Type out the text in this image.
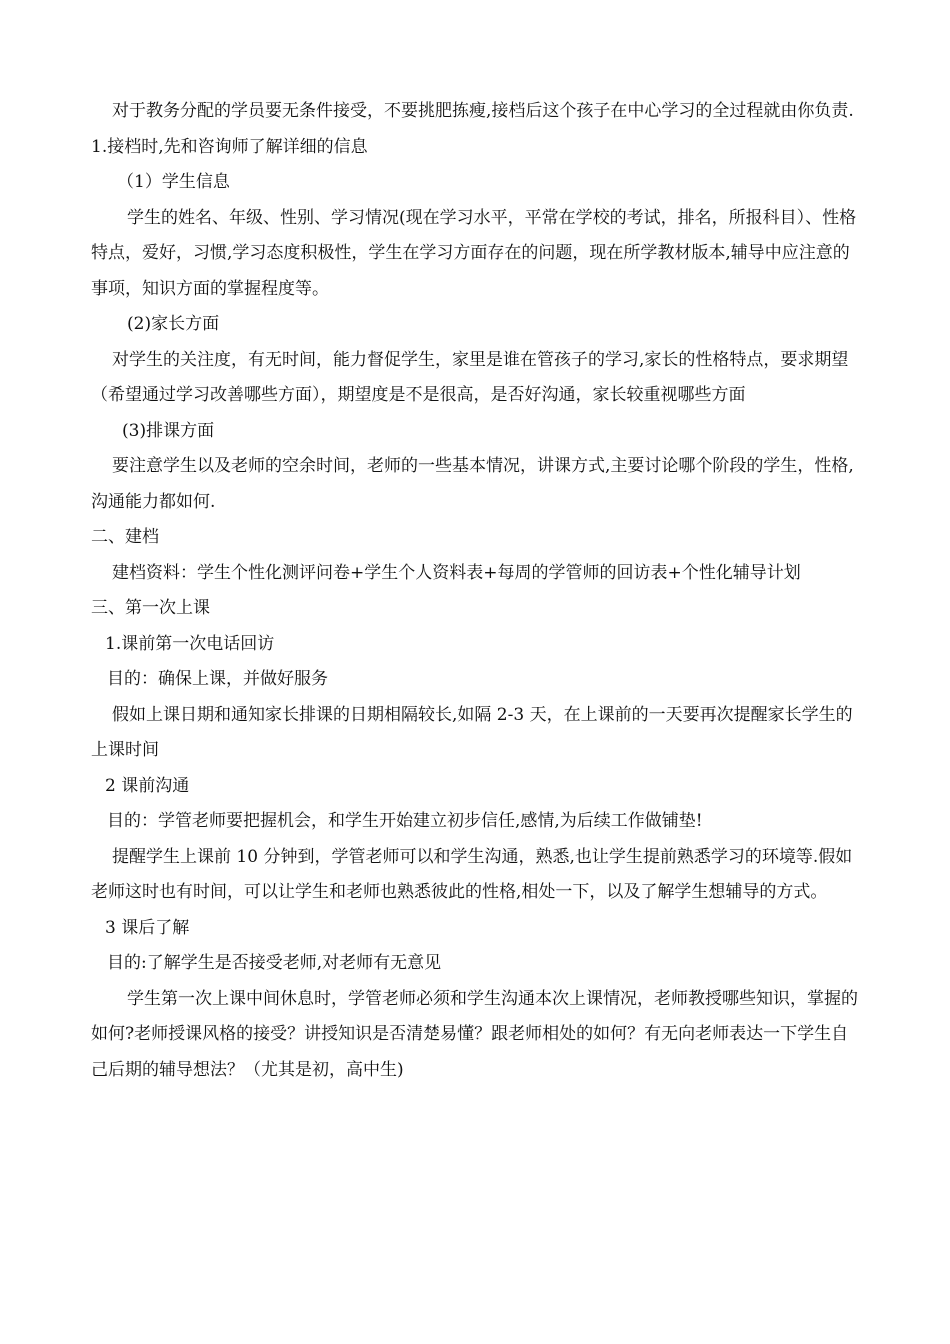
对于教务分配的学员要无条件接受，不要挑肥拣瘦,接档后这个孩子在中心学习的全过程就由你负责.

1.接档时,先和咨询师了解详细的信息

（1）学生信息

学生的姓名、年级、性别、学习情况(现在学习水平，平常在学校的考试，排名，所报科目）、性格特点，爱好，习惯,学习态度积极性，学生在学习方面存在的问题，现在所学教材版本,辅导中应注意的事项，知识方面的掌握程度等。

(2)家长方面

对学生的关注度，有无时间，能力督促学生，家里是谁在管孩子的学习,家长的性格特点，要求期望（希望通过学习改善哪些方面），期望度是不是很高，是否好沟通，家长较重视哪些方面

(3)排课方面

要注意学生以及老师的空余时间，老师的一些基本情况，讲课方式,主要讨论哪个阶段的学生，性格,沟通能力都如何.

二、建档

建档资料：学生个性化测评问卷+学生个人资料表+每周的学管师的回访表+个性化辅导计划

三、第一次上课

1.课前第一次电话回访

目的：确保上课，并做好服务

假如上课日期和通知家长排课的日期相隔较长,如隔 2-3 天，在上课前的一天要再次提醒家长学生的上课时间

2 课前沟通

目的：学管老师要把握机会，和学生开始建立初步信任,感情,为后续工作做铺垫!

提醒学生上课前 10 分钟到，学管老师可以和学生沟通，熟悉,也让学生提前熟悉学习的环境等.假如老师这时也有时间，可以让学生和老师也熟悉彼此的性格,相处一下，以及了解学生想辅导的方式。

3 课后了解

目的:了解学生是否接受老师,对老师有无意见

学生第一次上课中间休息时，学管老师必须和学生沟通本次上课情况，老师教授哪些知识，掌握的如何?老师授课风格的接受？讲授知识是否清楚易懂？跟老师相处的如何？有无向老师表达一下学生自己后期的辅导想法？（尤其是初，高中生)
